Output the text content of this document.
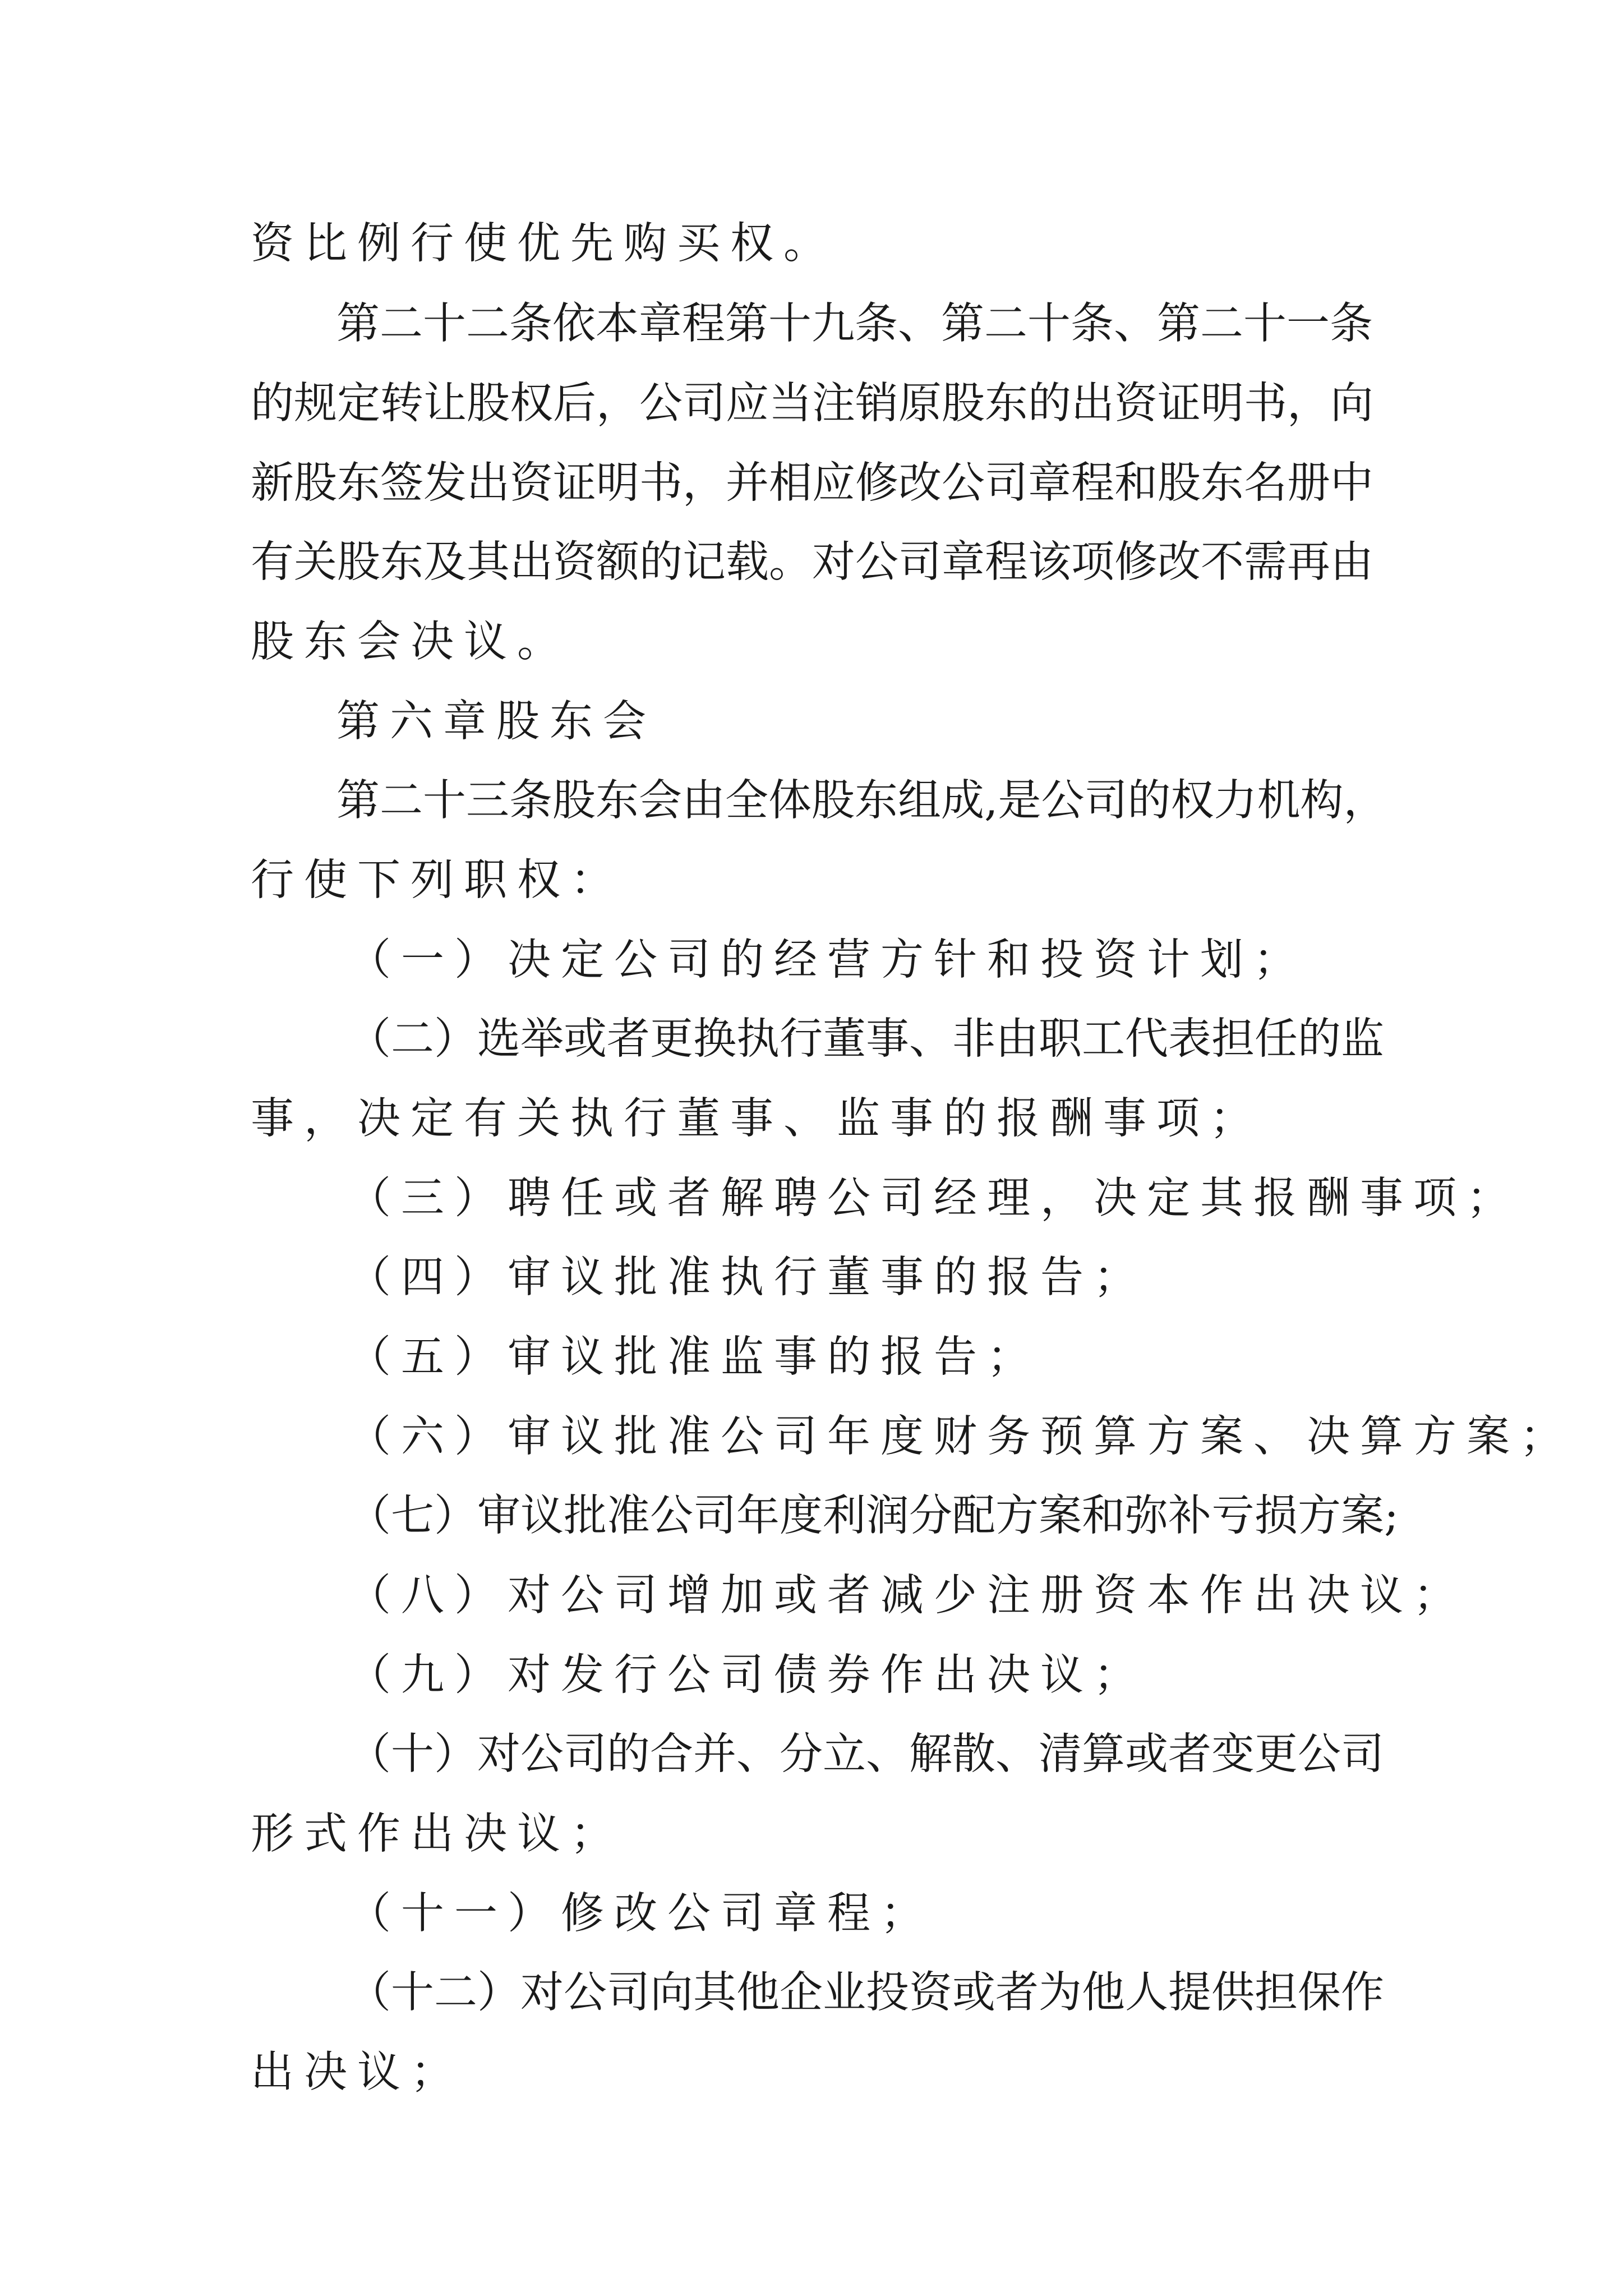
资比例行使优先购买权。
第二十二条依本章程第十九条、第二十条、第二十一条
的规定转让股权后，公司应当注销原股东的出资证明书，向
新股东签发出资证明书，并相应修改公司章程和股东名册中
有关股东及其出资额的记载。对公司章程该项修改不需再由
股东会决议。
第六章股东会
第二十三条股东会由全体股东组成,是公司的权力机构，
行使下列职权：
（一）决定公司的经营方针和投资计划；
（二）选举或者更换执行董事、非由职工代表担任的监
事，决定有关执行董事、监事的报酬事项；
（三）聘任或者解聘公司经理，决定其报酬事项；
（四）审议批准执行董事的报告；
（五）审议批准监事的报告；
（六）审议批准公司年度财务预算方案、决算方案；
（七）审议批准公司年度利润分配方案和弥补亏损方案;
（八）对公司增加或者减少注册资本作出决议；
（九）对发行公司债券作出决议；
（十）对公司的合并、分立、解散、清算或者变更公司
形式作出决议；
（十一）修改公司章程；
（十二）对公司向其他企业投资或者为他人提供担保作
出决议；
